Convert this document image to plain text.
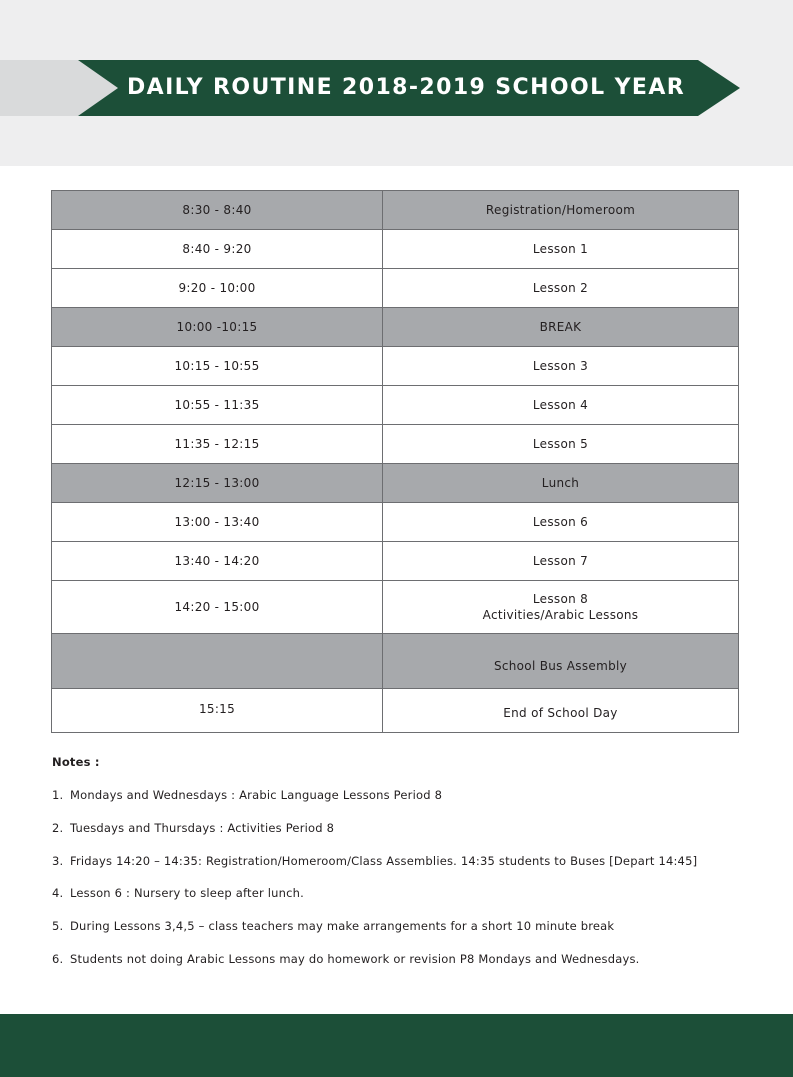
DAILY ROUTINE 2018-2019 SCHOOL YEAR
8:30 - 8:40	Registration/Homeroom
8:40 - 9:20	Lesson 1
9:20 - 10:00	Lesson 2
10:00 -10:15	BREAK
10:15 - 10:55	Lesson 3
10:55 - 11:35	Lesson 4
11:35 - 12:15	Lesson 5
12:15 - 13:00	Lunch
13:00 - 13:40	Lesson 6
13:40 - 14:20	Lesson 7
14:20 - 15:00	Lesson 8
Activities/Arabic Lessons

	School Bus Assembly
15:15	End of School Day
Notes :
1. Mondays and Wednesdays : Arabic Language Lessons Period 8
2. Tuesdays and Thursdays : Activities Period 8
3. Fridays 14:20 – 14:35: Registration/Homeroom/Class Assemblies. 14:35 students to Buses [Depart 14:45]
4. Lesson 6 : Nursery to sleep after lunch.
5. During Lessons 3,4,5 – class teachers may make arrangements for a short 10 minute break
6. Students not doing Arabic Lessons may do homework or revision P8 Mondays and Wednesdays.
